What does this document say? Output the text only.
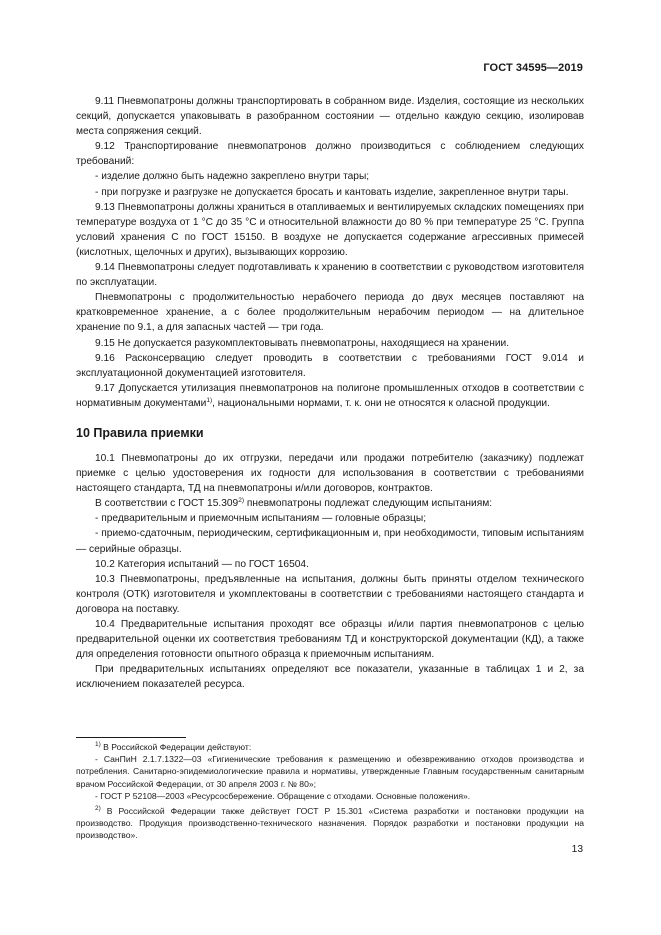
ГОСТ 34595—2019

9.11 Пневмопатроны должны транспортировать в собранном виде. Изделия, состоящие из нескольких секций, допускается упаковывать в разобранном состоянии — отдельно каждую секцию, изолировав места сопряжения секций.

9.12 Транспортирование пневмопатронов должно производиться с соблюдением следующих требований:

- изделие должно быть надежно закреплено внутри тары;

- при погрузке и разгрузке не допускается бросать и кантовать изделие, закрепленное внутри тары.

9.13 Пневмопатроны должны храниться в отапливаемых и вентилируемых складских помещениях при температуре воздуха от 1 °С до 35 °С и относительной влажности до 80 % при температуре 25 °С. Группа условий хранения С по ГОСТ 15150. В воздухе не допускается содержание агрессивных примесей (кислотных, щелочных и других), вызывающих коррозию.

9.14 Пневмопатроны следует подготавливать к хранению в соответствии с руководством изготовителя по эксплуатации.

Пневмопатроны с продолжительностью нерабочего периода до двух месяцев поставляют на кратковременное хранение, а с более продолжительным нерабочим периодом — на длительное хранение по 9.1, а для запасных частей — три года.

9.15 Не допускается разукомплектовывать пневмопатроны, находящиеся на хранении.

9.16 Расконсервацию следует проводить в соответствии с требованиями ГОСТ 9.014 и эксплуатационной документацией изготовителя.

9.17 Допускается утилизация пневмопатронов на полигоне промышленных отходов в соответствии с нормативным документами$^{1)}$, национальными нормами, т. к. они не относятся к оласной продукции.

10 Правила приемки

10.1 Пневмопатроны до их отгрузки, передачи или продажи потребителю (заказчику) подлежат приемке с целью удостоверения их годности для использования в соответствии с требованиями настоящего стандарта, ТД на пневмопатроны и/или договоров, контрактов.

В соответствии с ГОСТ 15.309$^{2)}$ пневмопатроны подлежат следующим испытаниям:

- предварительным и приемочным испытаниям — головные образцы;

- приемо-сдаточным, периодическим, сертификационным и, при необходимости, типовым испытаниям — серийные образцы.

10.2 Категория испытаний — по ГОСТ 16504.

10.3 Пневмопатроны, предъявленные на испытания, должны быть приняты отделом технического контроля (ОТК) изготовителя и укомплектованы в соответствии с требованиями настоящего стандарта и договора на поставку.

10.4 Предварительные испытания проходят все образцы и/или партия пневмопатронов с целью предварительной оценки их соответствия требованиям ТД и конструкторской документации (КД), а также для определения готовности опытного образца к приемочным испытаниям.

При предварительных испытаниях определяют все показатели, указанные в таблицах 1 и 2, за исключением показателей ресурса.

$^{1)}$ В Российской Федерации действуют:

- СанПиН 2.1.7.1322—03 «Гигиенические требования к размещению и обезвреживанию отходов производства и потребления. Санитарно-эпидемиологические правила и нормативы, утвержденные Главным государственным санитарным врачом Российской Федерации, от 30 апреля 2003 г. № 80»;

- ГОСТ Р 52108—2003 «Ресурсосбережение. Обращение с отходами. Основные положения».

$^{2)}$ В Российской Федерации также действует ГОСТ Р 15.301 «Система разработки и постановки продукции на производство. Продукция производственно-технического назначения. Порядок разработки и постановки продукции на производство».

13
